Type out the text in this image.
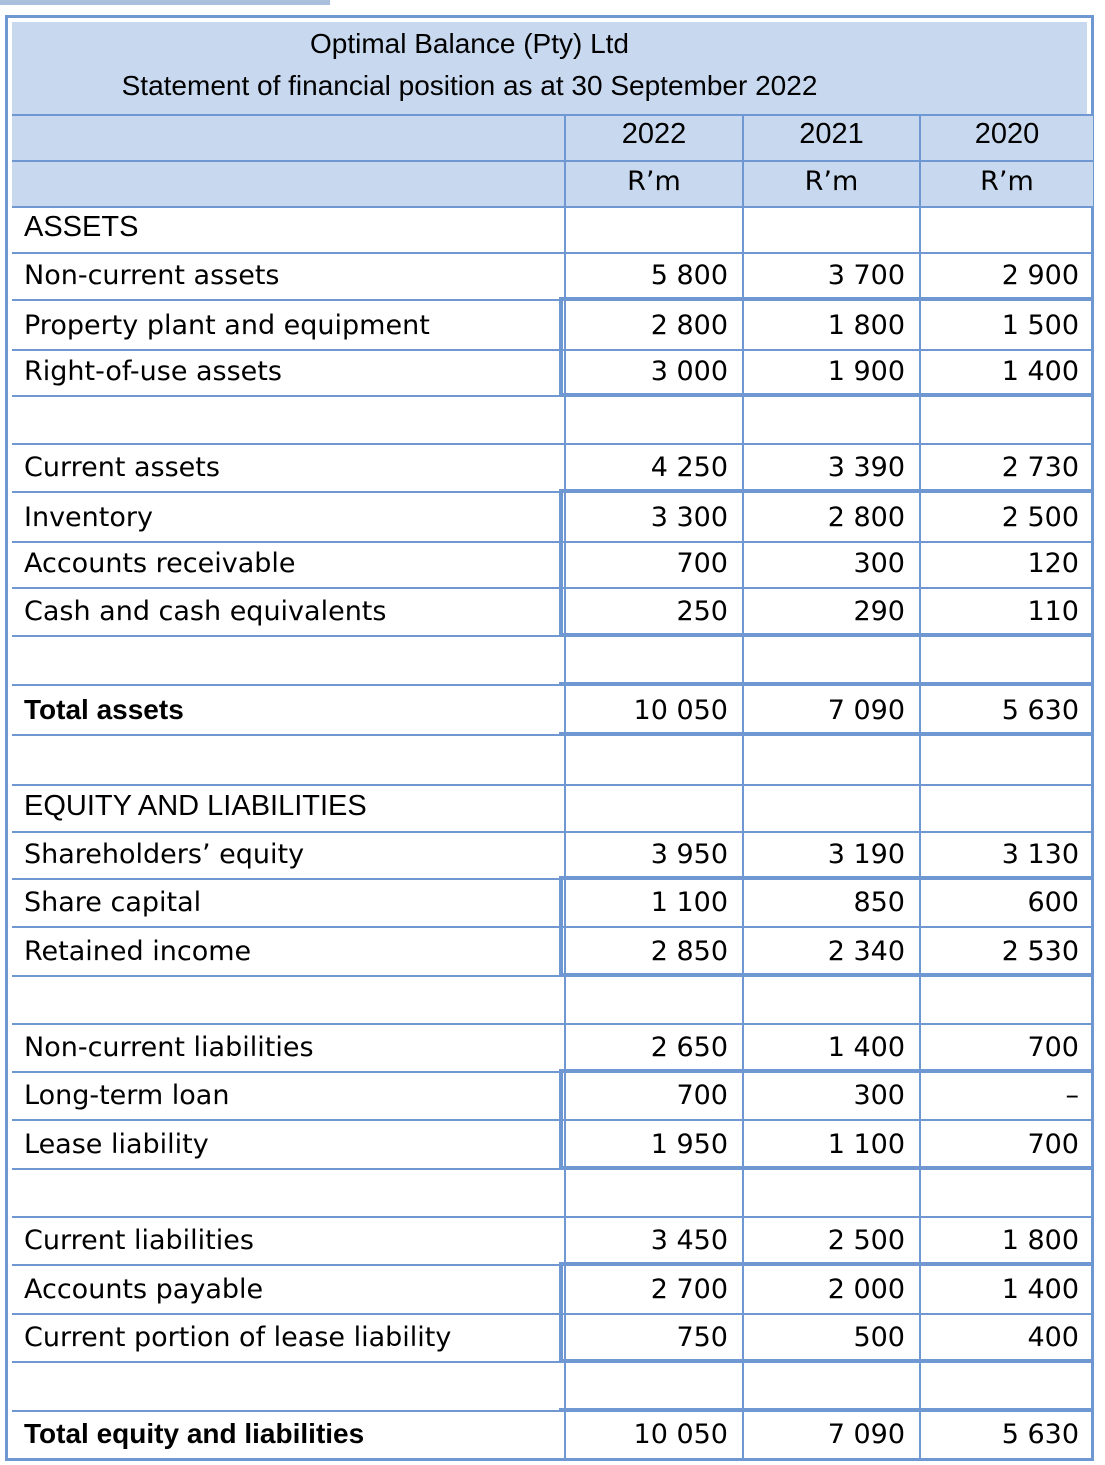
Optimal Balance (Pty) Ltd
Statement of financial position as at 30 September 2022
2022	2021	2020
R’m	R’m	R’m
ASSETS
Non-current assets	5 800	3 700	2 900
Property plant and equipment	2 800	1 800	1 500
Right-of-use assets	3 000	1 900	1 400
Current assets	4 250	3 390	2 730
Inventory	3 300	2 800	2 500
Accounts receivable	700	300	120
Cash and cash equivalents	250	290	110
Total assets	10 050	7 090	5 630
EQUITY AND LIABILITIES
Shareholders’ equity	3 950	3 190	3 130
Share capital	1 100	850	600
Retained income	2 850	2 340	2 530
Non-current liabilities	2 650	1 400	700
Long-term loan	700	300	–
Lease liability	1 950	1 100	700
Current liabilities	3 450	2 500	1 800
Accounts payable	2 700	2 000	1 400
Current portion of lease liability	750	500	400
Total equity and liabilities	10 050	7 090	5 630
